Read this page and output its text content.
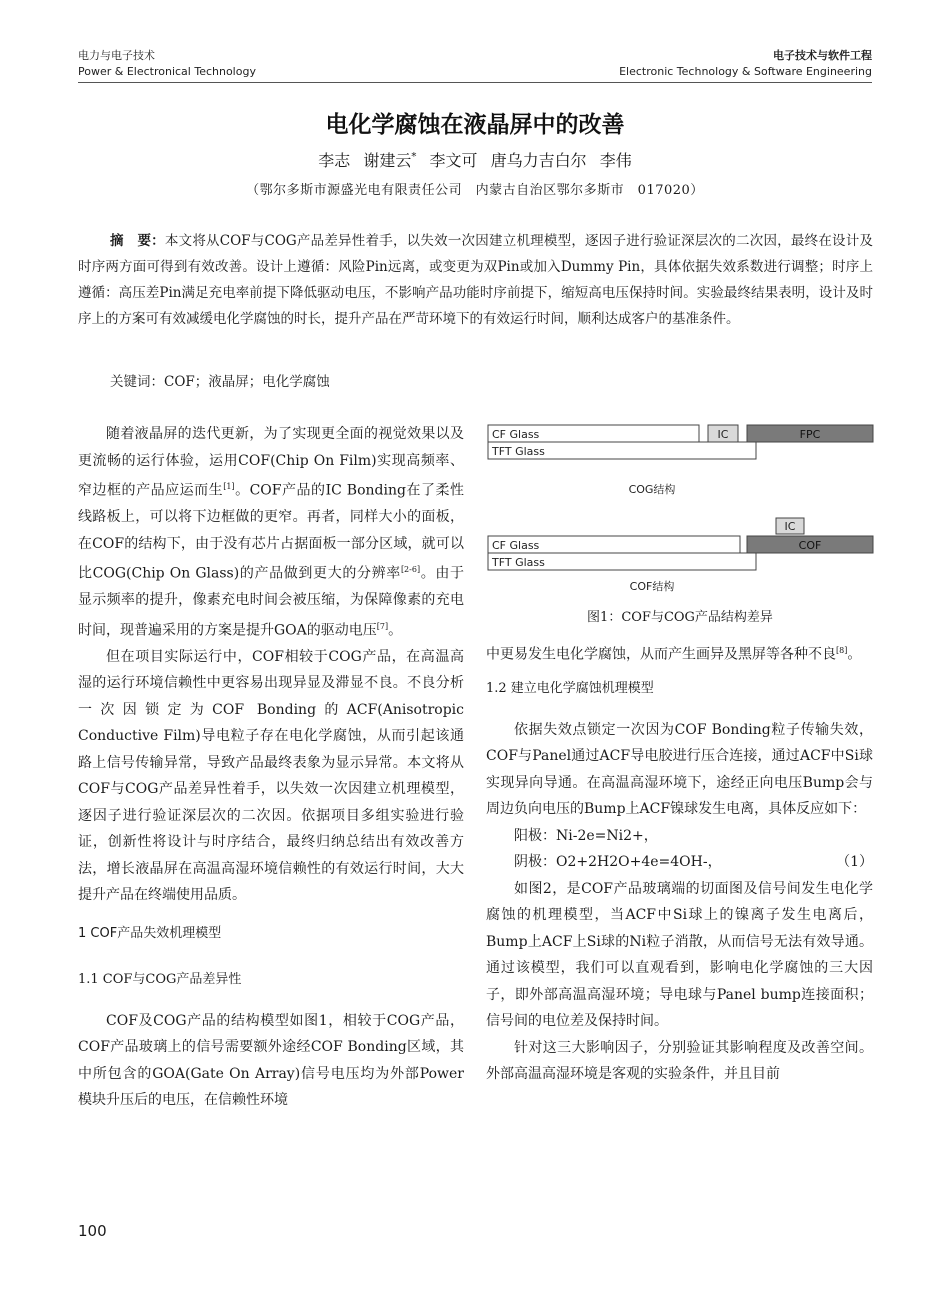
电力与电子技术
Power & Electronical Technology
电子技术与软件工程
Electronic Technology & Software Engineering
电化学腐蚀在液晶屏中的改善
李志 谢建云* 李文可 唐乌力吉白尔 李伟
（鄂尔多斯市源盛光电有限责任公司　内蒙古自治区鄂尔多斯市　017020）

摘　要：本文将从COF与COG产品差异性着手，以失效一次因建立机理模型，逐因子进行验证深层次的二次因，最终在设计及时序两方面可得到有效改善。设计上遵循：风险Pin远离，或变更为双Pin或加入Dummy Pin，具体依据失效系数进行调整；时序上遵循：高压差Pin满足充电率前提下降低驱动电压，不影响产品功能时序前提下，缩短高电压保持时间。实验最终结果表明，设计及时序上的方案可有效减缓电化学腐蚀的时长，提升产品在严苛环境下的有效运行时间，顺利达成客户的基准条件。

关键词：COF；液晶屏；电化学腐蚀

随着液晶屏的迭代更新，为了实现更全面的视觉效果以及更流畅的运行体验，运用COF(Chip On Film)实现高频率、窄边框的产品应运而生[1]。COF产品的IC Bonding在了柔性线路板上，可以将下边框做的更窄。再者，同样大小的面板，在COF的结构下，由于没有芯片占据面板一部分区域，就可以比COG(Chip On Glass)的产品做到更大的分辨率[2-6]。由于显示频率的提升，像素充电时间会被压缩，为保障像素的充电时间，现普遍采用的方案是提升GOA的驱动电压[7]。

但在项目实际运行中，COF相较于COG产品，在高温高湿的运行环境信赖性中更容易出现异显及滞显不良。不良分析一次因锁定为COF Bonding的ACF(Anisotropic Conductive Film)导电粒子存在电化学腐蚀，从而引起该通路上信号传输异常，导致产品最终表象为显示异常。本文将从COF与COG产品差异性着手，以失效一次因建立机理模型，逐因子进行验证深层次的二次因。依据项目多组实验进行验证，创新性将设计与时序结合，最终归纳总结出有效改善方法，增长液晶屏在高温高湿环境信赖性的有效运行时间，大大提升产品在终端使用品质。

1 COF产品失效机理模型

1.1 COF与COG产品差异性

COF及COG产品的结构模型如图1，相较于COG产品，COF产品玻璃上的信号需要额外途经COF Bonding区域，其中所包含的GOA(Gate On Array)信号电压均为外部Power模块升压后的电压，在信赖性环境

CF Glass	IC	FPC
TFT Glass
COG结构
IC
CF Glass	COF
TFT Glass
COF结构
图1：COF与COG产品结构差异

中更易发生电化学腐蚀，从而产生画异及黑屏等各种不良[8]。

1.2 建立电化学腐蚀机理模型

依据失效点锁定一次因为COF Bonding粒子传输失效，COF与Panel通过ACF导电胶进行压合连接，通过ACF中Si球实现异向导通。在高温高湿环境下，途经正向电压Bump会与周边负向电压的Bump上ACF镍球发生电离，具体反应如下：

阳极：Ni-2e=Ni2+，

阴极：O2+2H2O+4e=4OH-，	（1）

如图2，是COF产品玻璃端的切面图及信号间发生电化学腐蚀的机理模型，当ACF中Si球上的镍离子发生电离后，Bump上ACF上Si球的Ni粒子消散，从而信号无法有效导通。通过该模型，我们可以直观看到，影响电化学腐蚀的三大因子，即外部高温高湿环境；导电球与Panel bump连接面积；信号间的电位差及保持时间。

针对这三大影响因子，分别验证其影响程度及改善空间。外部高温高湿环境是客观的实验条件，并且目前

100
